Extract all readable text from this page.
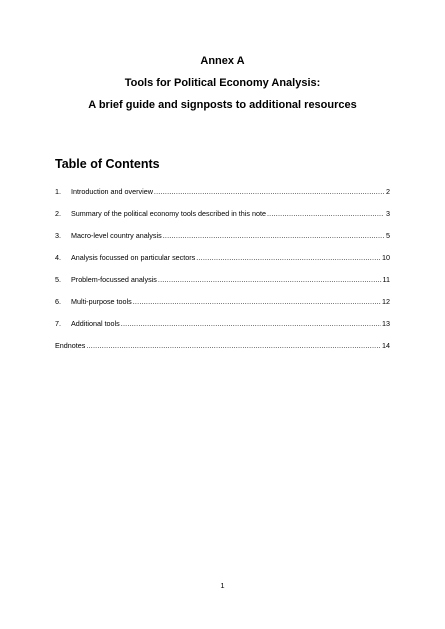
Annex A
Tools for Political Economy Analysis:
A brief guide and signposts to additional resources
Table of Contents
1.	Introduction and overview .....	2
2.	Summary of the political economy tools described in this note .....	3
3.	Macro-level country analysis .....	5
4.	Analysis focussed on particular sectors .....	10
5.	Problem-focussed analysis .....	11
6.	Multi-purpose tools .....	12
7.	Additional tools .....	13
Endnotes .....	14
1
